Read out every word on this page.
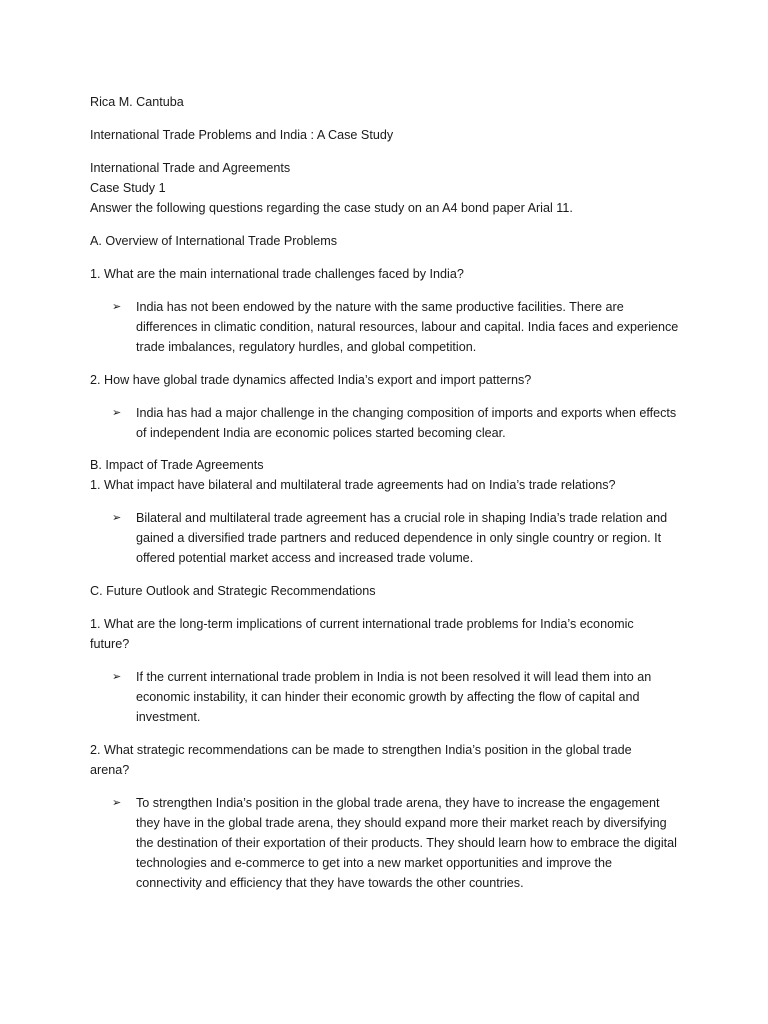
Rica M. Cantuba

International Trade Problems and India : A Case Study

International Trade and Agreements

Case Study 1

Answer the following questions regarding the case study on an A4 bond paper Arial 11.

A. Overview of International Trade Problems

1. What are the main international trade challenges faced by India?

➢	India has not been endowed by the nature with the same productive facilities. There are differences in climatic condition, natural resources, labour and capital. India faces and experience trade imbalances, regulatory hurdles, and global competition.

2. How have global trade dynamics affected India’s export and import patterns?

➢	India has had a major challenge in the changing composition of imports and exports when effects of independent India are economic polices started becoming clear.

B. Impact of Trade Agreements

1. What impact have bilateral and multilateral trade agreements had on India’s trade relations?

➢	Bilateral and multilateral trade agreement has a crucial role in shaping India’s trade relation and gained a diversified trade partners and reduced dependence in only single country or region. It offered potential market access and increased trade volume.

C. Future Outlook and Strategic Recommendations

1. What are the long-term implications of current international trade problems for India’s economic future?

➢	If the current international trade problem in India is not been resolved it will lead them into an economic instability, it can hinder their economic growth by affecting the flow of capital and investment.

2. What strategic recommendations can be made to strengthen India’s position in the global trade arena?

➢	To strengthen India’s position in the global trade arena, they have to increase the engagement they have in the global trade arena, they should expand more their market reach by diversifying the destination of their exportation of their products. They should learn how to embrace the digital technologies and e-commerce to get into a new market opportunities and improve the connectivity and efficiency that they have towards the other countries.
